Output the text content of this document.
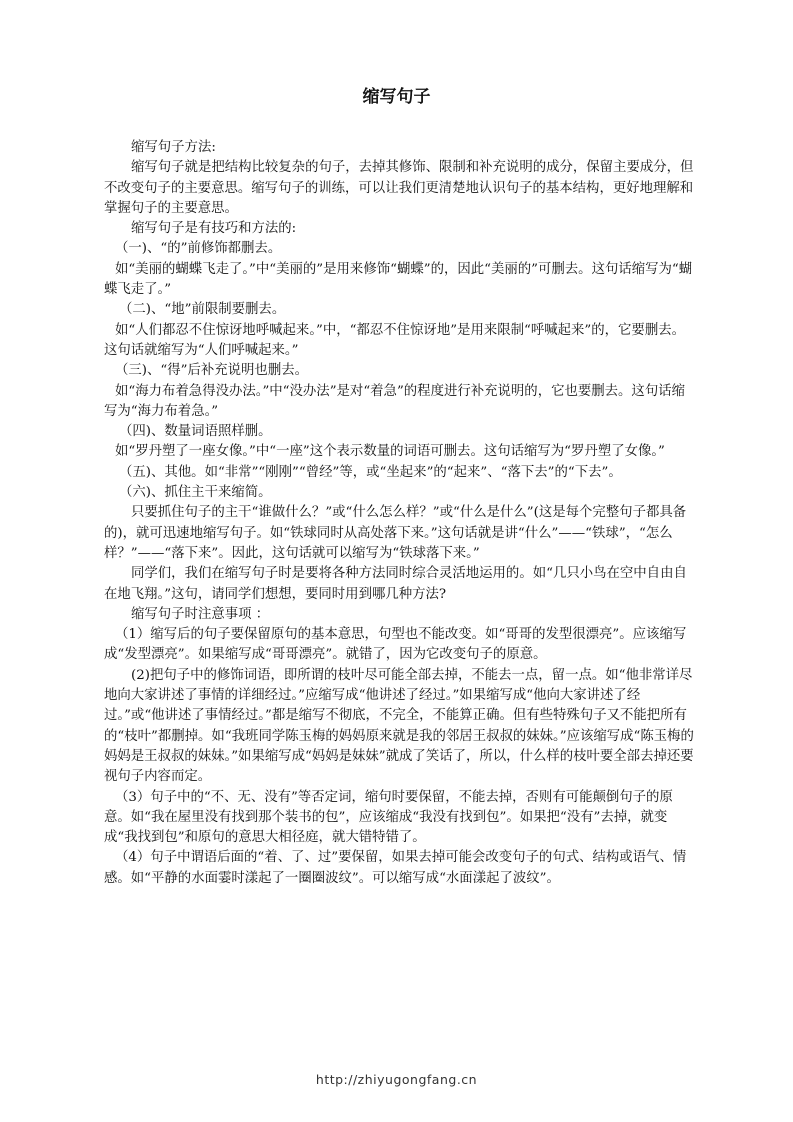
缩写句子

缩写句子方法:

缩写句子就是把结构比较复杂的句子，去掉其修饰、限制和补充说明的成分，保留主要成分，但不改变句子的主要意思。缩写句子的训练，可以让我们更清楚地认识句子的基本结构，更好地理解和掌握句子的主要意思。

缩写句子是有技巧和方法的:

（一)、“的”前修饰都删去。

如“美丽的蝴蝶飞走了。”中“美丽的”是用来修饰“蝴蝶”的，因此“美丽的”可删去。这句话缩写为“蝴蝶飞走了。”

（二)、“地”前限制要删去。

如“人们都忍不住惊讶地呼喊起来。”中，“都忍不住惊讶地”是用来限制“呼喊起来”的，它要删去。这句话就缩写为“人们呼喊起来。”

（三)、“得”后补充说明也删去。

如“海力布着急得没办法。”中“没办法”是对“着急”的程度进行补充说明的，它也要删去。这句话缩写为“海力布着急。”

（四)、数量词语照样删。

如“罗丹塑了一座女像。”中“一座”这个表示数量的词语可删去。这句话缩写为“罗丹塑了女像。”

（五)、其他。如“非常”“刚刚”“曾经”等，或“坐起来”的“起来”、“落下去”的“下去”。

（六)、抓住主干来缩简。

只要抓住句子的主干“谁做什么？”或“什么怎么样？”或“什么是什么”(这是每个完整句子都具备的)，就可迅速地缩写句子。如“铁球同时从高处落下来。”这句话就是讲“什么”——“铁球”，“怎么样？”——“落下来”。因此，这句话就可以缩写为“铁球落下来。”

同学们，我们在缩写句子时是要将各种方法同时综合灵活地运用的。如“几只小鸟在空中自由自在地飞翔。”这句，请同学们想想，要同时用到哪几种方法?

缩写句子时注意事项 ：

（1）缩写后的句子要保留原句的基本意思，句型也不能改变。如“哥哥的发型很漂亮”。应该缩写成“发型漂亮”。如果缩写成“哥哥漂亮”。就错了，因为它改变句子的原意。

(2)把句子中的修饰词语，即所谓的枝叶尽可能全部去掉，不能去一点，留一点。如“他非常详尽地向大家讲述了事情的详细经过。”应缩写成“他讲述了经过。”如果缩写成“他向大家讲述了经过。”或“他讲述了事情经过。”都是缩写不彻底，不完全，不能算正确。但有些特殊句子又不能把所有的“枝叶”都删掉。如“我班同学陈玉梅的妈妈原来就是我的邻居王叔叔的妹妹。”应该缩写成“陈玉梅的妈妈是王叔叔的妹妹。”如果缩写成“妈妈是妹妹”就成了笑话了，所以，什么样的枝叶要全部去掉还要视句子内容而定。

（3）句子中的“不、无、没有”等否定词，缩句时要保留，不能去掉，否则有可能颠倒句子的原意。如“我在屋里没有找到那个装书的包”，应该缩成“我没有找到包”。如果把“没有”去掉，就变成“我找到包”和原句的意思大相径庭，就大错特错了。

（4）句子中谓语后面的“着、了、过”要保留，如果去掉可能会改变句子的句式、结构或语气、情感。如“平静的水面霎时漾起了一圈圈波纹”。可以缩写成“水面漾起了波纹”。

http://zhiyugongfang.cn
